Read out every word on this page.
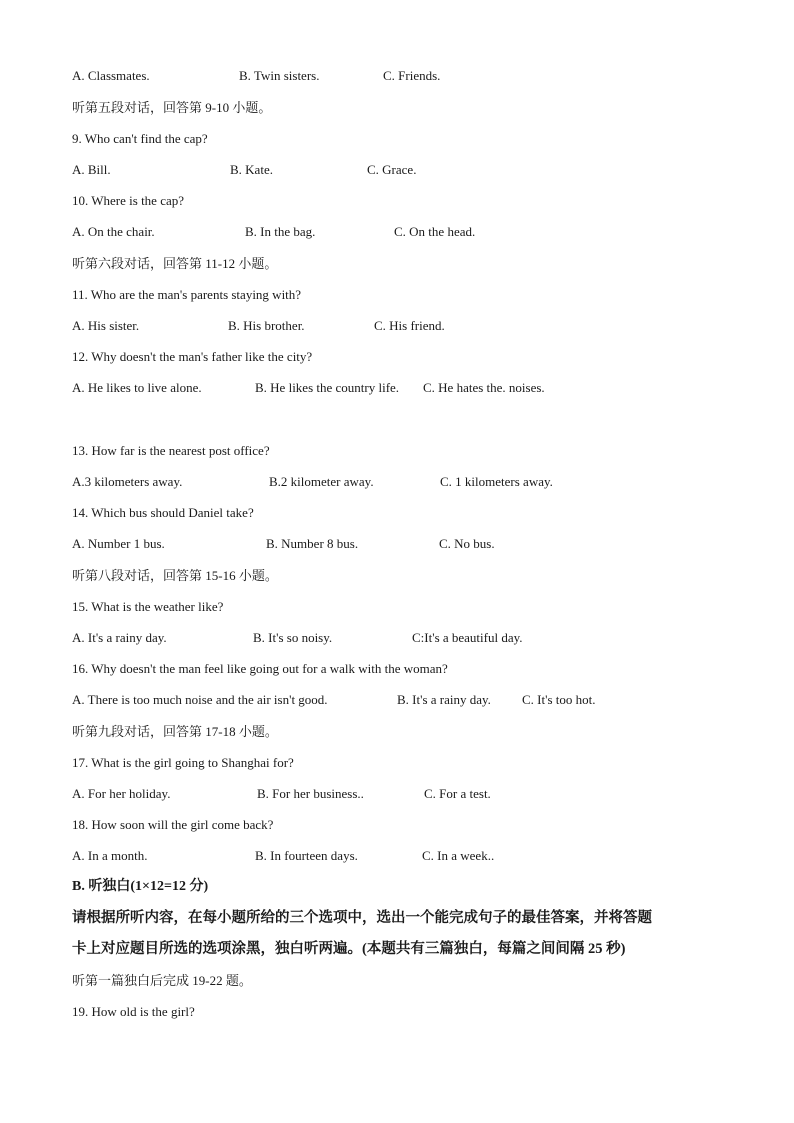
A. Classmates.	B. Twin sisters.	C. Friends.
听第五段对话，回答第 9-10 小题。
9. Who can't find the cap?
A. Bill.	B. Kate.	C. Grace.
10. Where is the cap?
A. On the chair.	B. In the bag.	C. On the head.
听第六段对话，回答第 11-12 小题。
11. Who are the man's parents staying with?
A. His sister.	B. His brother.	C. His friend.
12. Why doesn't the man's father like the city?
A. He likes to live alone.	B. He likes the country life. C. He hates the. noises.
13. How far is the nearest post office?
A.3 kilometers away.	B.2 kilometer away.	C. 1 kilometers away.
14. Which bus should Daniel take?
A. Number 1 bus.	B. Number 8 bus.	C. No bus.
听第八段对话，回答第 15-16 小题。
15. What is the weather like?
A. It's a rainy day.	B. It's so noisy.	C:It's a beautiful day.
16. Why doesn't the man feel like going out for a walk with the woman?
A. There is too much noise and the air isn't good.	B. It's a rainy day. C. It's too hot.
听第九段对话，回答第 17-18 小题。
17. What is the girl going to Shanghai for?
A. For her holiday.	B. For her business..	C. For a test.
18. How soon will the girl come back?
A. In a month.	B. In fourteen days.	C. In a week..
B. 听独白(1×12=12 分)
请根据所听内容，在每小题所给的三个选项中，选出一个能完成句子的最佳答案，并将答题
卡上对应题目所选的选项涂黑，独白听两遍。(本题共有三篇独白，每篇之间间隔 25 秒)
听第一篇独白后完成 19-22 题。
19. How old is the girl?
